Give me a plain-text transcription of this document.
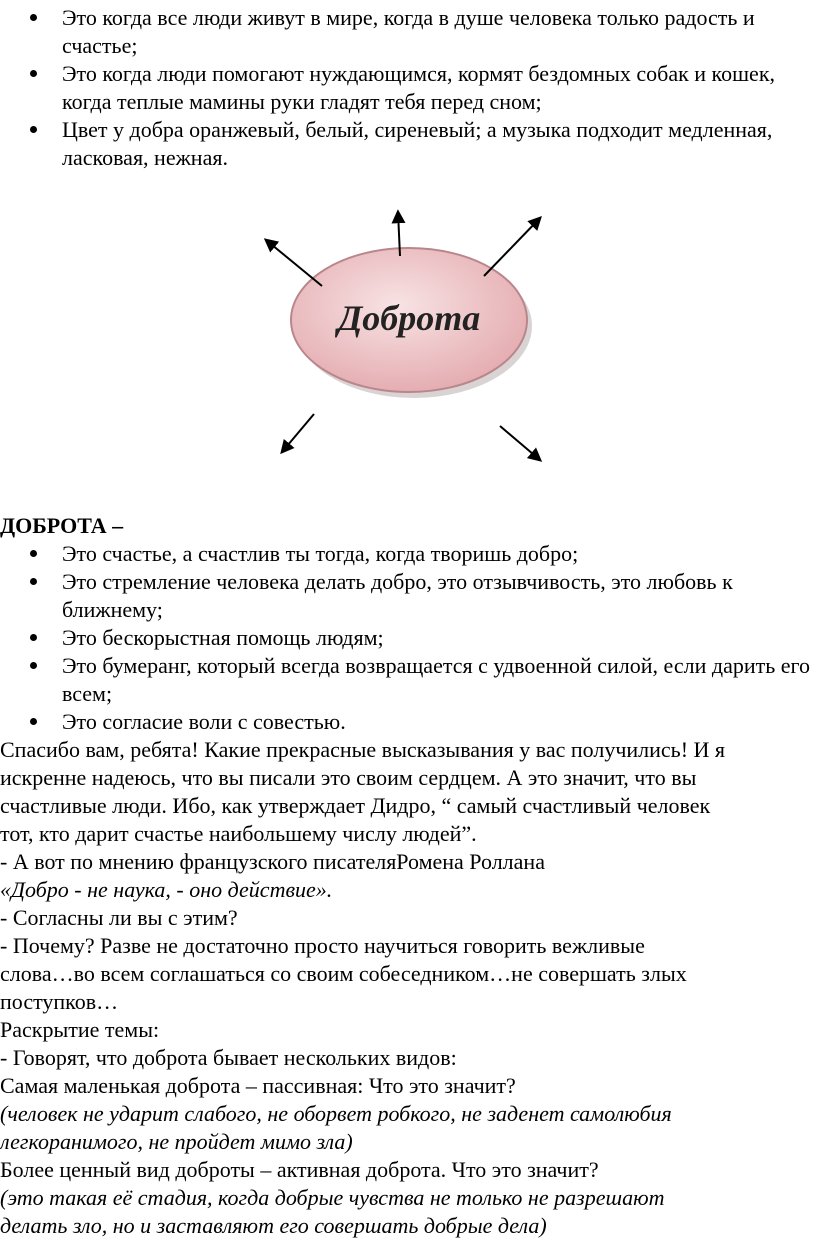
Это когда все люди живут в мире, когда в душе человека только радость и счастье;
Это когда люди помогают нуждающимся, кормят бездомных собак и кошек, когда теплые мамины руки гладят тебя перед сном;
Цвет у добра оранжевый, белый, сиреневый; а музыка подходит медленная, ласковая, нежная.
Доброта
ДОБРОТА –
Это счастье, а счастлив ты тогда, когда творишь добро;
Это стремление человека делать добро, это отзывчивость, это любовь к ближнему;
Это бескорыстная помощь людям;
Это бумеранг, который всегда возвращается с удвоенной силой, если дарить его всем;
Это согласие воли с совестью.
Спасибо вам, ребята! Какие прекрасные высказывания у вас получились! И я
искренне надеюсь, что вы писали это своим сердцем. А это значит, что вы
счастливые люди. Ибо, как утверждает Дидро, “ самый счастливый человек
тот, кто дарит счастье наибольшему числу людей”.
- А вот по мнению французского писателяРомена Роллана
«Добро - не наука, - оно действие».
- Согласны ли вы с этим?
- Почему? Разве не достаточно просто научиться говорить вежливые
слова…во всем соглашаться со своим собеседником…не совершать злых
поступков…
Раскрытие темы:
- Говорят, что доброта бывает нескольких видов:
Самая маленькая доброта – пассивная: Что это значит?
(человек не ударит слабого, не оборвет робкого, не заденет самолюбия
легкоранимого, не пройдет мимо зла)
Более ценный вид доброты – активная доброта. Что это значит?
(это такая её стадия, когда добрые чувства не только не разрешают
делать зло, но и заставляют его совершать добрые дела)
